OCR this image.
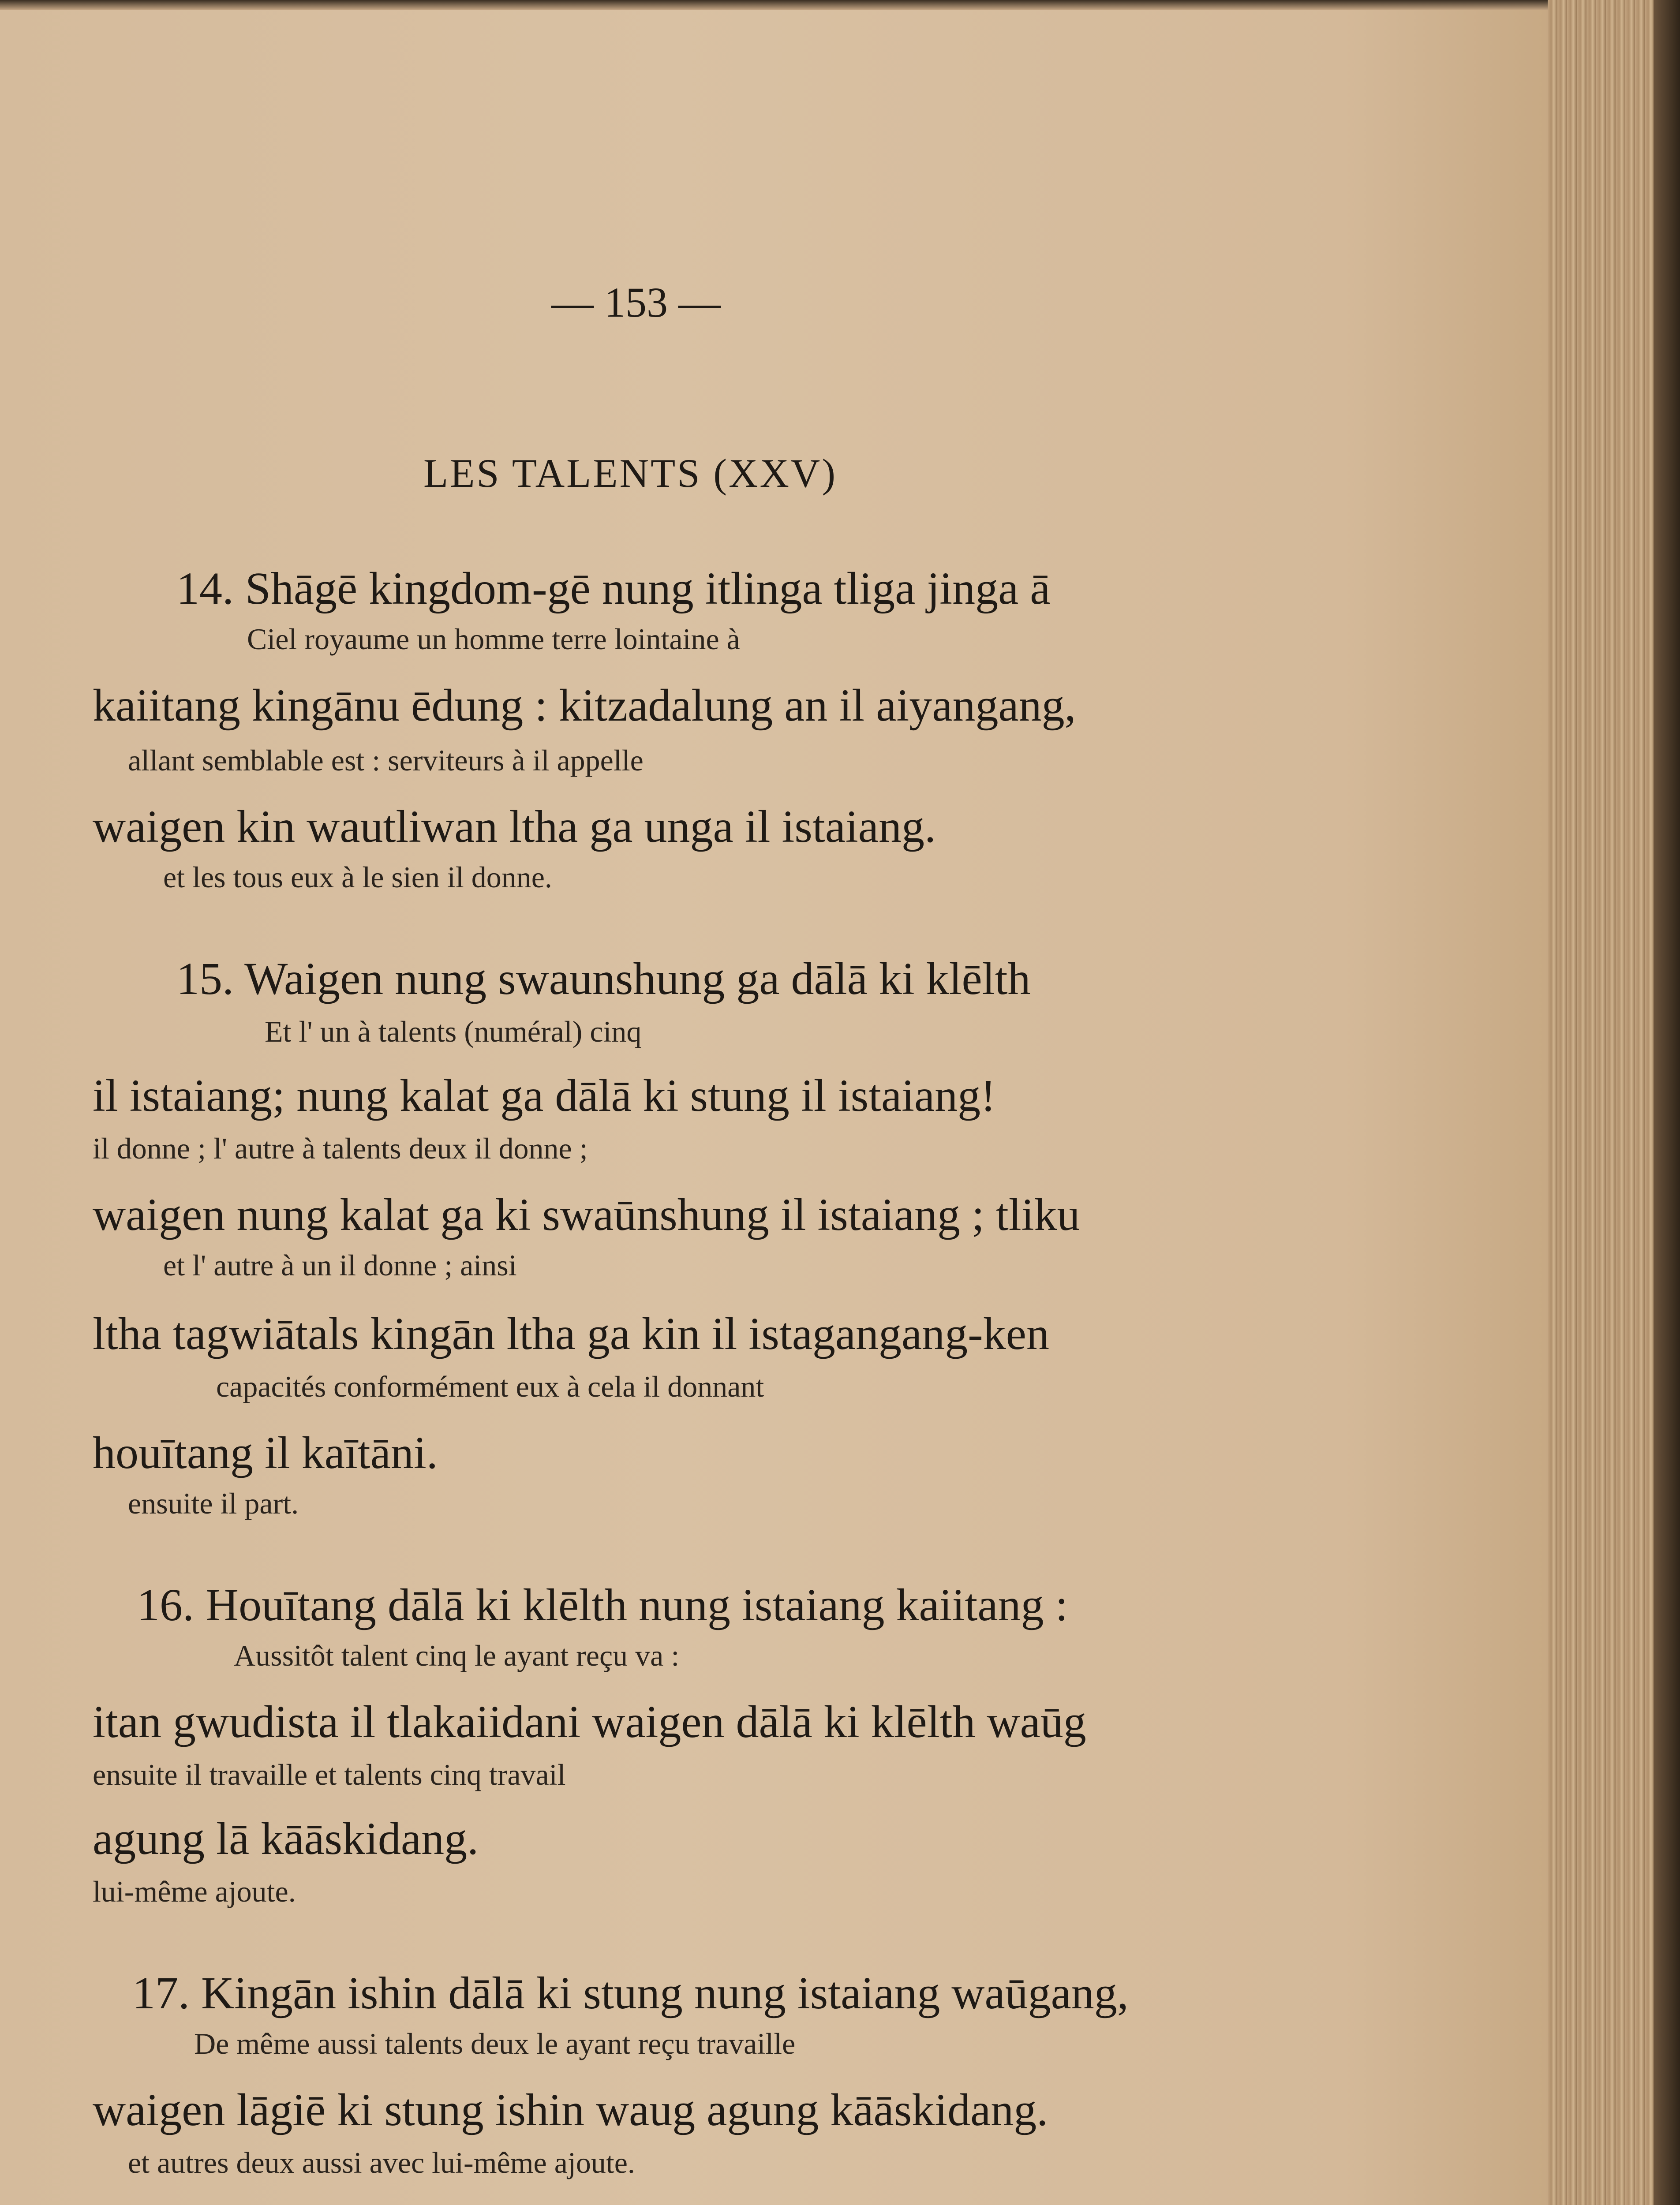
— 153 —
LES TALENTS (XXV)
14. Shāgē kingdom-gē nung itlinga tliga jinga ā
Ciel royaume un homme terre lointaine à
kaiitang kingānu ēdung : kitzadalung an il aiyangang,
allant semblable est : serviteurs à il appelle
waigen kin wautliwan ltha ga unga il istaiang.
et les tous eux à le sien il donne.
15. Waigen nung swaunshung ga dālā ki klēlth
Et l' un à talents (numéral) cinq
il istaiang; nung kalat ga dālā ki stung il istaiang!
il donne ; l' autre à talents deux il donne ;
waigen nung kalat ga ki swaūnshung il istaiang ; tliku
et l' autre à un il donne ; ainsi
ltha tagwiātals kingān ltha ga kin il istagangang-ken
capacités conformément eux à cela il donnant
houītang il kaītāni.
ensuite il part.
16. Houītang dālā ki klēlth nung istaiang kaiitang :
Aussitôt talent cinq le ayant reçu va :
itan gwudista il tlakaiidani waigen dālā ki klēlth waūg
ensuite il travaille et talents cinq travail
agung lā kāāskidang.
lui-même ajoute.
17. Kingān ishin dālā ki stung nung istaiang waūgang,
De même aussi talents deux le ayant reçu travaille
waigen lāgiē ki stung ishin waug agung kāāskidang.
et autres deux aussi avec lui-même ajoute.
